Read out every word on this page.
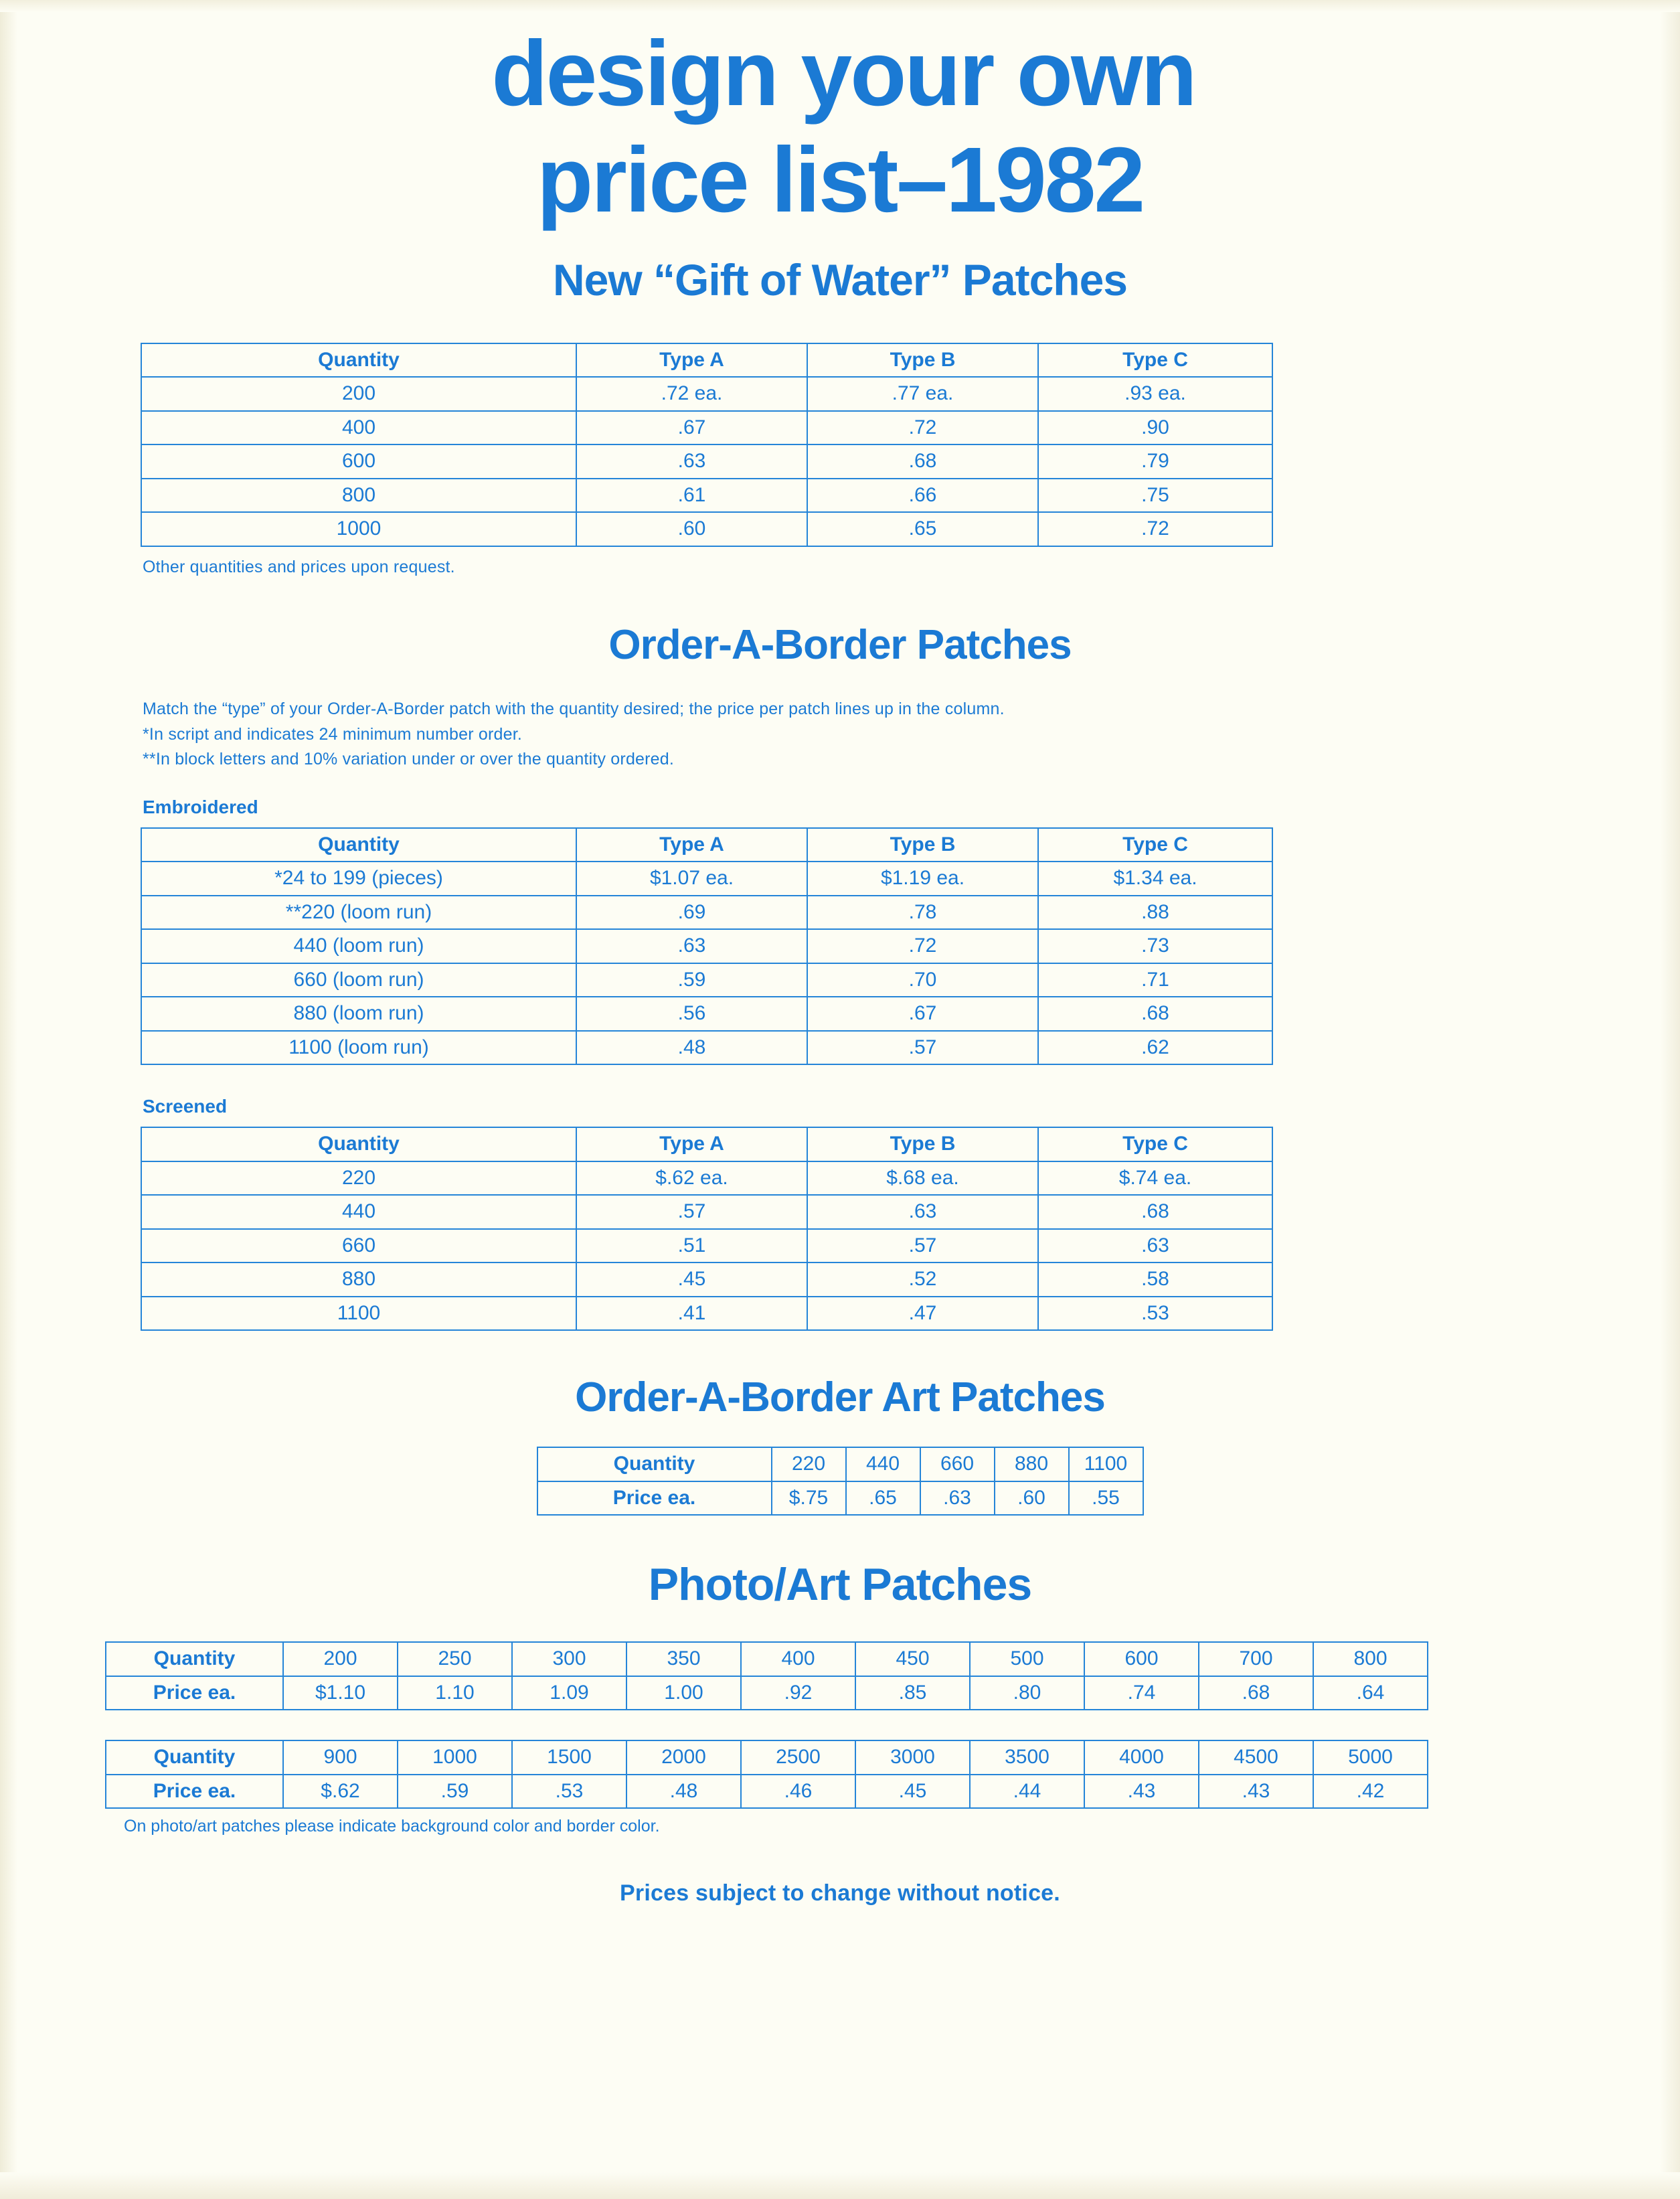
design your own
price list–1982
New “Gift of Water” Patches
Quantity	Type A	Type B	Type C
200	.72 ea.	.77 ea.	.93 ea.
400	.67	.72	.90
600	.63	.68	.79
800	.61	.66	.75
1000	.60	.65	.72
Other quantities and prices upon request.
Order-A-Border Patches
Match the “type” of your Order-A-Border patch with the quantity desired; the price per patch lines up in the column.
*In script and indicates 24 minimum number order.
**In block letters and 10% variation under or over the quantity ordered.
Embroidered
Quantity	Type A	Type B	Type C
*24 to 199 (pieces)	$1.07 ea.	$1.19 ea.	$1.34 ea.
**220 (loom run)	.69	.78	.88
440 (loom run)	.63	.72	.73
660 (loom run)	.59	.70	.71
880 (loom run)	.56	.67	.68
1100 (loom run)	.48	.57	.62
Screened
Quantity	Type A	Type B	Type C
220	$.62 ea.	$.68 ea.	$.74 ea.
440	.57	.63	.68
660	.51	.57	.63
880	.45	.52	.58
1100	.41	.47	.53
Order-A-Border Art Patches
Quantity	220	440	660	880	1100
Price ea.	$.75	.65	.63	.60	.55
Photo/Art Patches
Quantity	200	250	300	350	400	450	500	600	700	800
Price ea.	$1.10	1.10	1.09	1.00	.92	.85	.80	.74	.68	.64
Quantity	900	1000	1500	2000	2500	3000	3500	4000	4500	5000
Price ea.	$.62	.59	.53	.48	.46	.45	.44	.43	.43	.42
On photo/art patches please indicate background color and border color.
Prices subject to change without notice.
